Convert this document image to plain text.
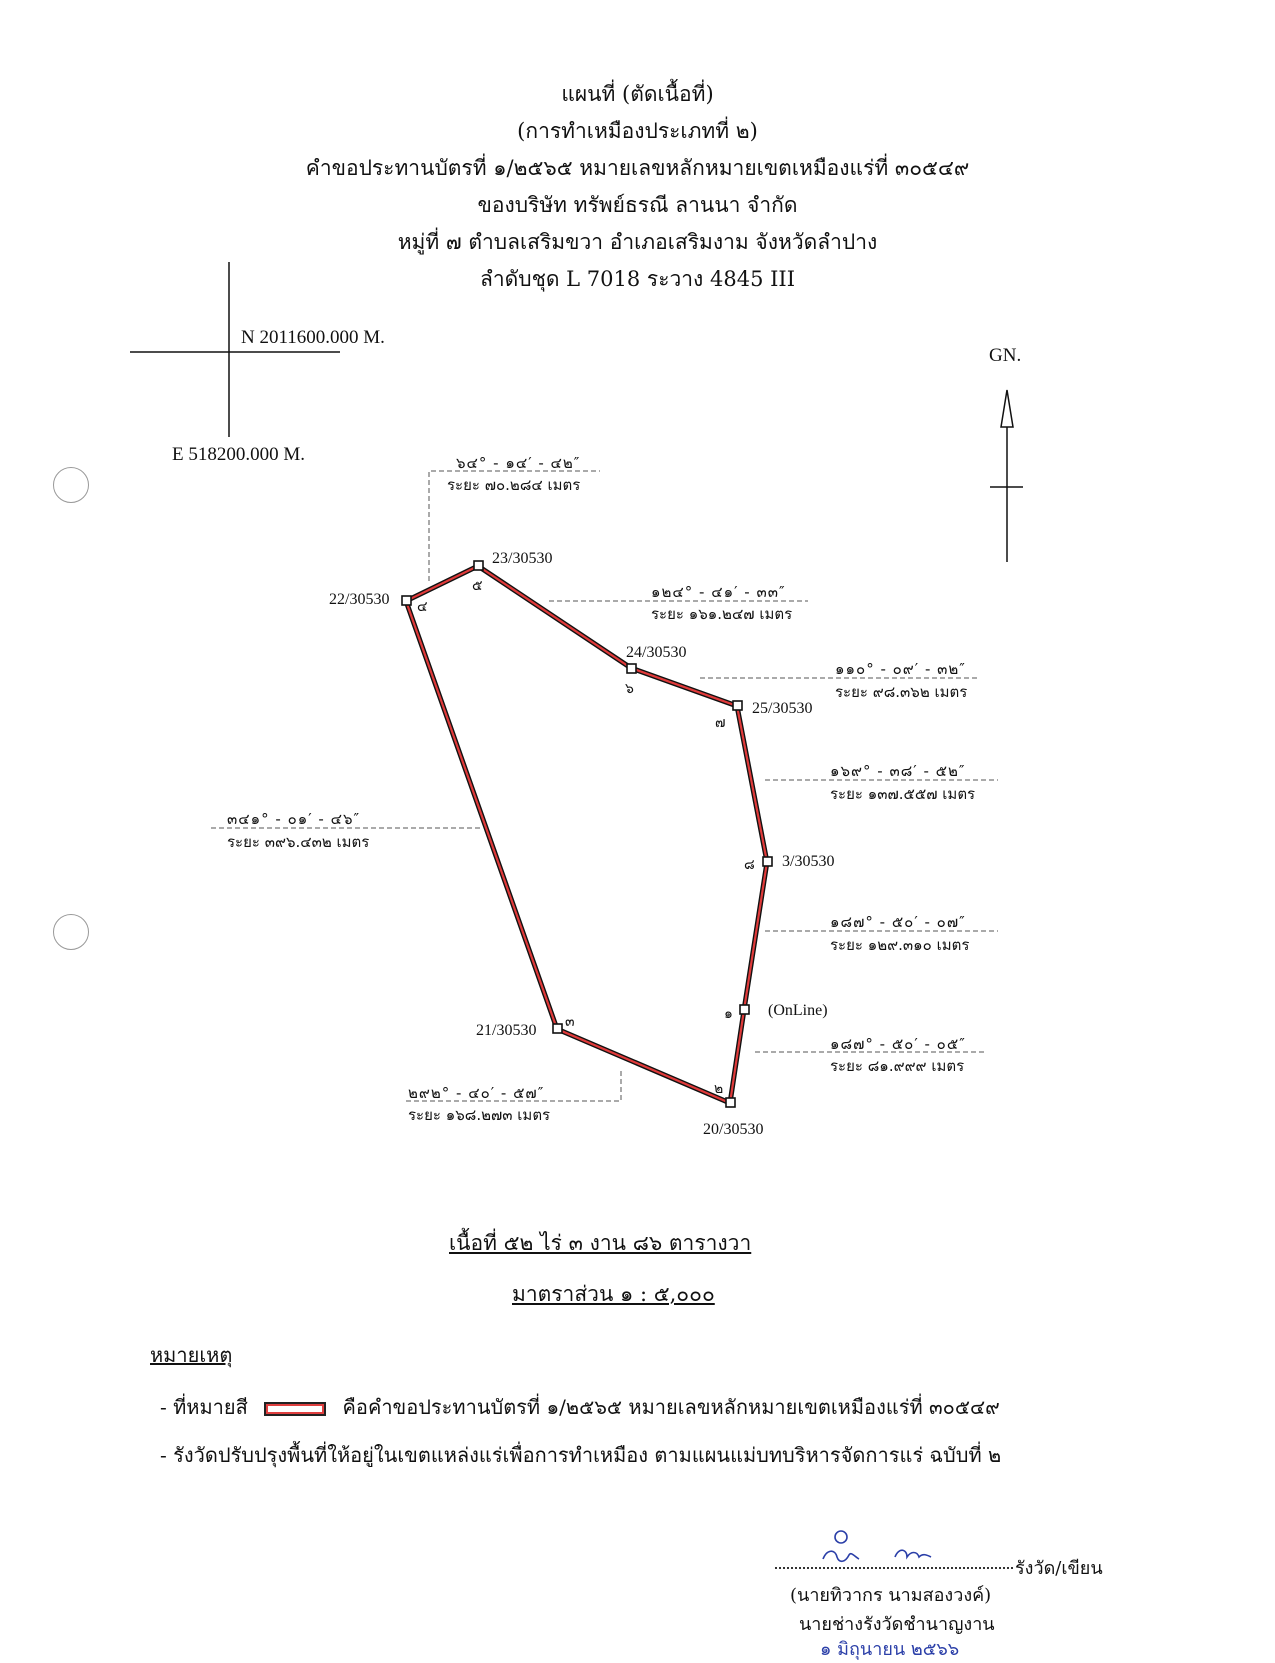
แผนที่ (ตัดเนื้อที่)
(การทำเหมืองประเภทที่ ๒)
คำขอประทานบัตรที่ ๑/๒๕๖๕ หมายเลขหลักหมายเขตเหมืองแร่ที่ ๓๐๕๔๙
ของบริษัท ทรัพย์ธรณี ลานนา จำกัด
หมู่ที่ ๗ ตำบลเสริมขวา อำเภอเสริมงาม จังหวัดลำปาง
ลำดับชุด L 7018 ระวาง 4845 III
N 2011600.000 M.
E 518200.000 M.
GN.
(OnLine)
20/30530
21/30530
22/30530
23/30530
24/30530
25/30530
3/30530
๑
๒
๓
๔
๕
๖
๗
๘
๖๔° - ๑๔′ - ๔๒″
ระยะ ๗๐.๒๘๔ เมตร
๑๒๔° - ๔๑′ - ๓๓″
ระยะ ๑๖๑.๒๔๗ เมตร
๑๑๐° - ๐๙′ - ๓๒″
ระยะ ๙๘.๓๖๒ เมตร
๑๖๙° - ๓๘′ - ๕๒″
ระยะ ๑๓๗.๕๕๗ เมตร
๓๔๑° - ๐๑′ - ๔๖″
ระยะ ๓๙๖.๔๓๒ เมตร
๑๘๗° - ๕๐′ - ๐๗″
ระยะ ๑๒๙.๓๑๐ เมตร
๑๘๗° - ๕๐′ - ๐๕″
ระยะ ๘๑.๙๙๙ เมตร
๒๙๒° - ๔๐′ - ๕๗″
ระยะ ๑๖๘.๒๗๓ เมตร
เนื้อที่ ๕๒ ไร่ ๓ งาน ๘๖ ตารางวา
มาตราส่วน ๑ : ๕,๐๐๐
หมายเหตุ
- ที่หมายสี	คือคำขอประทานบัตรที่ ๑/๒๕๖๕ หมายเลขหลักหมายเขตเหมืองแร่ที่ ๓๐๕๔๙
- รังวัดปรับปรุงพื้นที่ให้อยู่ในเขตแหล่งแร่เพื่อการทำเหมือง ตามแผนแม่บทบริหารจัดการแร่ ฉบับที่ ๒
รังวัด/เขียน
(นายทิวากร นามสองวงค์)
นายช่างรังวัดชำนาญงาน
๑ มิถุนายน ๒๕๖๖
